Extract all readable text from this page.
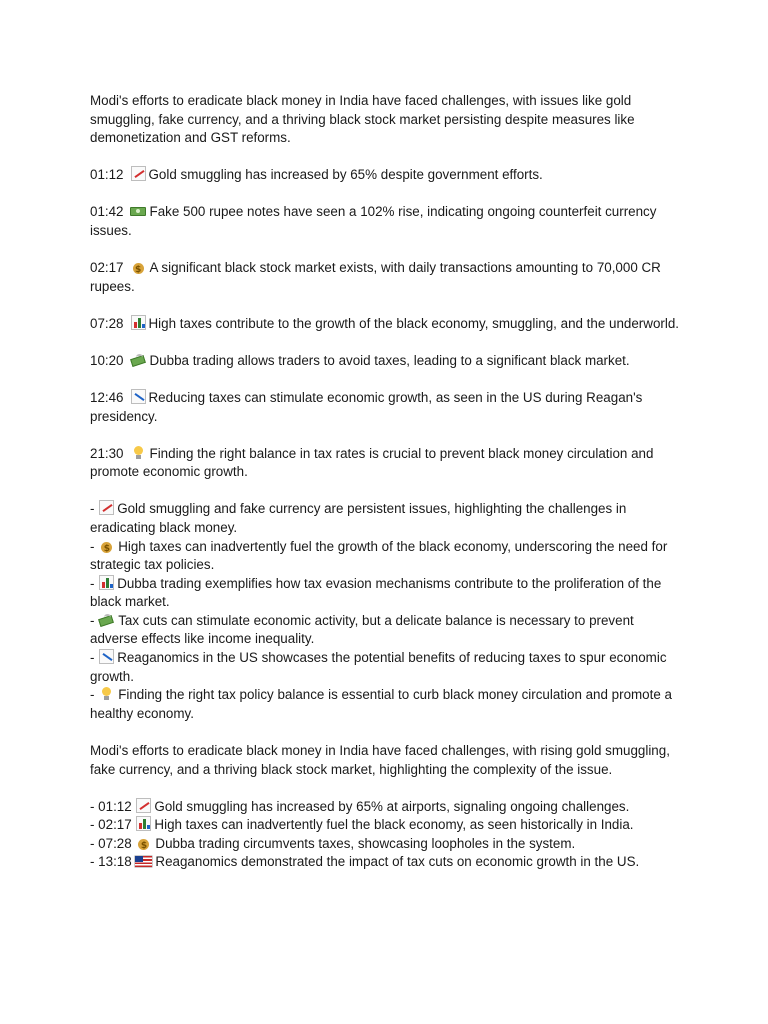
Modi's efforts to eradicate black money in India have faced challenges, with issues like gold smuggling, fake currency, and a thriving black stock market persisting despite measures like demonetization and GST reforms.

01:12 Gold smuggling has increased by 65% despite government efforts.

01:42 Fake 500 rupee notes have seen a 102% rise, indicating ongoing counterfeit currency issues.

02:17$ A significant black stock market exists, with daily transactions amounting to 70,000 CR rupees.

07:28 High taxes contribute to the growth of the black economy, smuggling, and the underworld.

10:20 Dubba trading allows traders to avoid taxes, leading to a significant black market.

12:46 Reducing taxes can stimulate economic growth, as seen in the US during Reagan's presidency.

21:30 Finding the right balance in tax rates is crucial to prevent black money circulation and promote economic growth.

- Gold smuggling and fake currency are persistent issues, highlighting the challenges in eradicating black money.

- $High taxes can inadvertently fuel the growth of the black economy, underscoring the need for strategic tax policies.

-
Dubba trading exemplifies how tax evasion mechanisms contribute to the proliferation of the black market.

- Tax cuts can stimulate economic activity, but a delicate balance is necessary to prevent adverse effects like income inequality.

- Reaganomics in the US showcases the potential benefits of reducing taxes to spur economic growth.

- Finding the right tax policy balance is essential to curb black money circulation and promote a healthy economy.

Modi's efforts to eradicate black money in India have faced challenges, with rising gold smuggling, fake currency, and a thriving black stock market, highlighting the complexity of the issue.

- 01:12 Gold smuggling has increased by 65% at airports, signaling ongoing challenges.

- 02:17
High taxes can inadvertently fuel the black economy, as seen historically in India.

- 07:28 $Dubba trading circumvents taxes, showcasing loopholes in the system.

- 13:18 Reaganomics demonstrated the impact of tax cuts on economic growth in the US.
